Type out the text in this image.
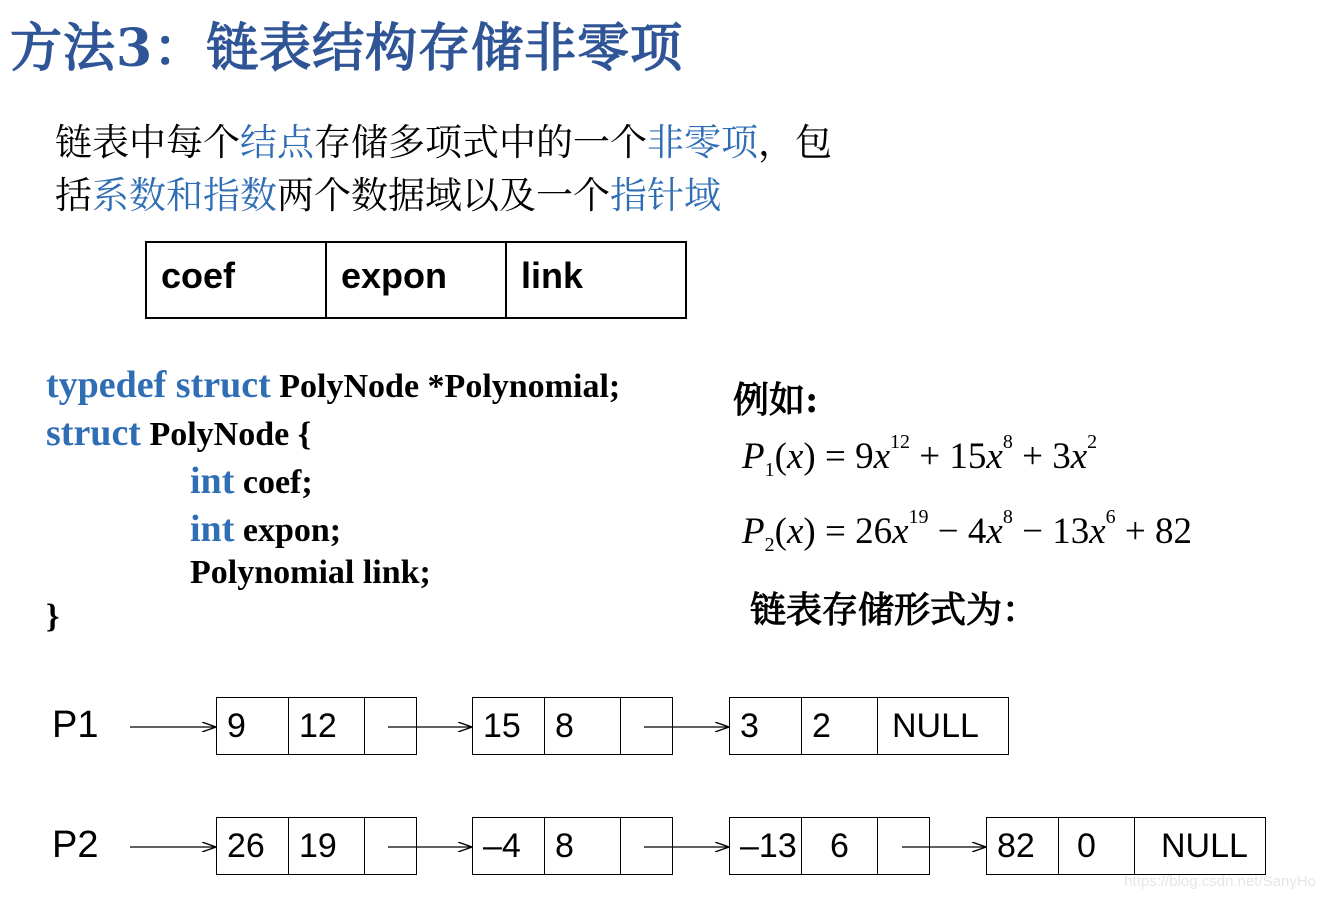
方法3：链表结构存储非零项
链表中每个结点存储多项式中的一个非零项，包
括系数和指数两个数据域以及一个指针域
coef	expon	link
typedef struct PolyNode *Polynomial;
struct PolyNode {
int coef;
int expon;
Polynomial link;
}
例如:
$P_1(x) = 9x^{12} + 15x^8 + 3x^2$
$P_2(x) = 26x^{19} - 4x^8 - 13x^6 + 82$
链表存储形式为：
P1
P2
9	12	15	8	3	2	NULL
26	19	–4	8	–13 6	82	0	NULL
https://blog.csdn.net/SanyHo
